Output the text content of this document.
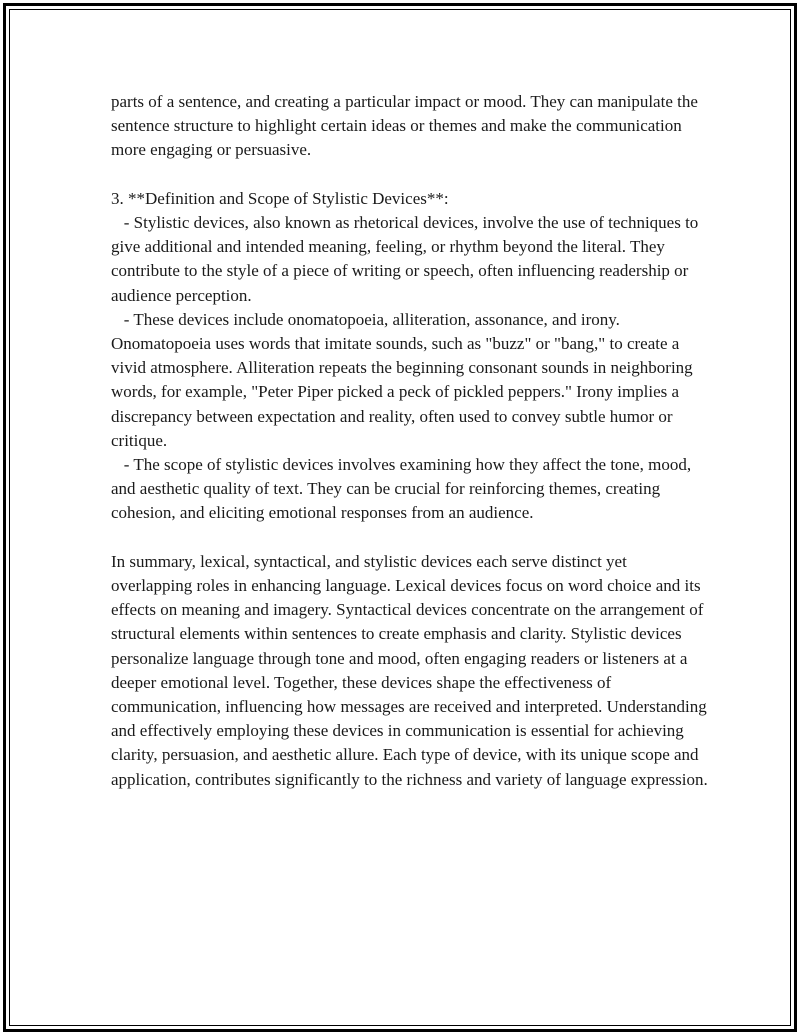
parts of a sentence, and creating a particular impact or mood. They can manipulate the sentence structure to highlight certain ideas or themes and make the communication more engaging or persuasive.

3. **Definition and Scope of Stylistic Devices**:

- Stylistic devices, also known as rhetorical devices, involve the use of techniques to give additional and intended meaning, feeling, or rhythm beyond the literal. They contribute to the style of a piece of writing or speech, often influencing readership or audience perception.

- These devices include onomatopoeia, alliteration, assonance, and irony. Onomatopoeia uses words that imitate sounds, such as "buzz" or "bang," to create a vivid atmosphere. Alliteration repeats the beginning consonant sounds in neighboring words, for example, "Peter Piper picked a peck of pickled peppers." Irony implies a discrepancy between expectation and reality, often used to convey subtle humor or critique.

- The scope of stylistic devices involves examining how they affect the tone, mood, and aesthetic quality of text. They can be crucial for reinforcing themes, creating cohesion, and eliciting emotional responses from an audience.

In summary, lexical, syntactical, and stylistic devices each serve distinct yet overlapping roles in enhancing language. Lexical devices focus on word choice and its effects on meaning and imagery. Syntactical devices concentrate on the arrangement of structural elements within sentences to create emphasis and clarity. Stylistic devices personalize language through tone and mood, often engaging readers or listeners at a deeper emotional level. Together, these devices shape the effectiveness of communication, influencing how messages are received and interpreted. Understanding and effectively employing these devices in communication is essential for achieving clarity, persuasion, and aesthetic allure. Each type of device, with its unique scope and application, contributes significantly to the richness and variety of language expression.
